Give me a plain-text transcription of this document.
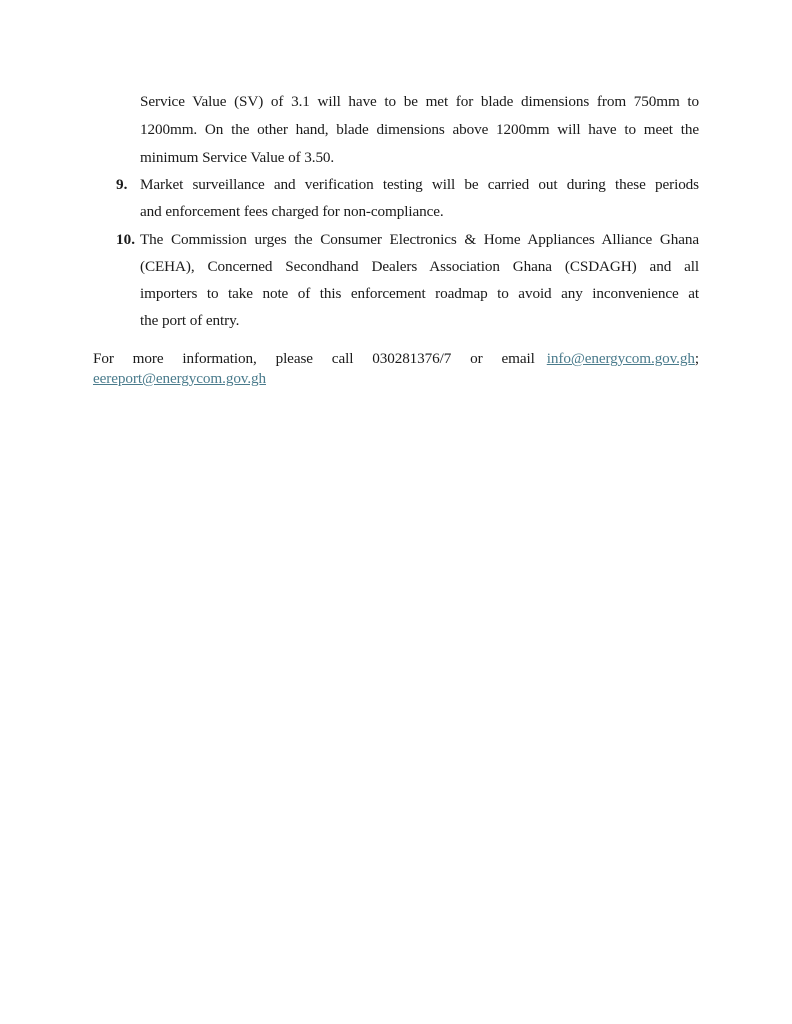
Service Value (SV) of 3.1 will have to be met for blade dimensions from 750mm to
1200mm. On the other hand, blade dimensions above 1200mm will have to meet the
minimum Service Value of 3.50.
9. Market surveillance and verification testing will be carried out during these periods
and enforcement fees charged for non-compliance.
10. The Commission urges the Consumer Electronics & Home Appliances Alliance Ghana
(CEHA), Concerned Secondhand Dealers Association Ghana (CSDAGH) and all
importers to take note of this enforcement roadmap to avoid any inconvenience at
the port of entry.
For more information, please call 030281376/7 or email info@energycom.gov.gh;
eereport@energycom.gov.gh
